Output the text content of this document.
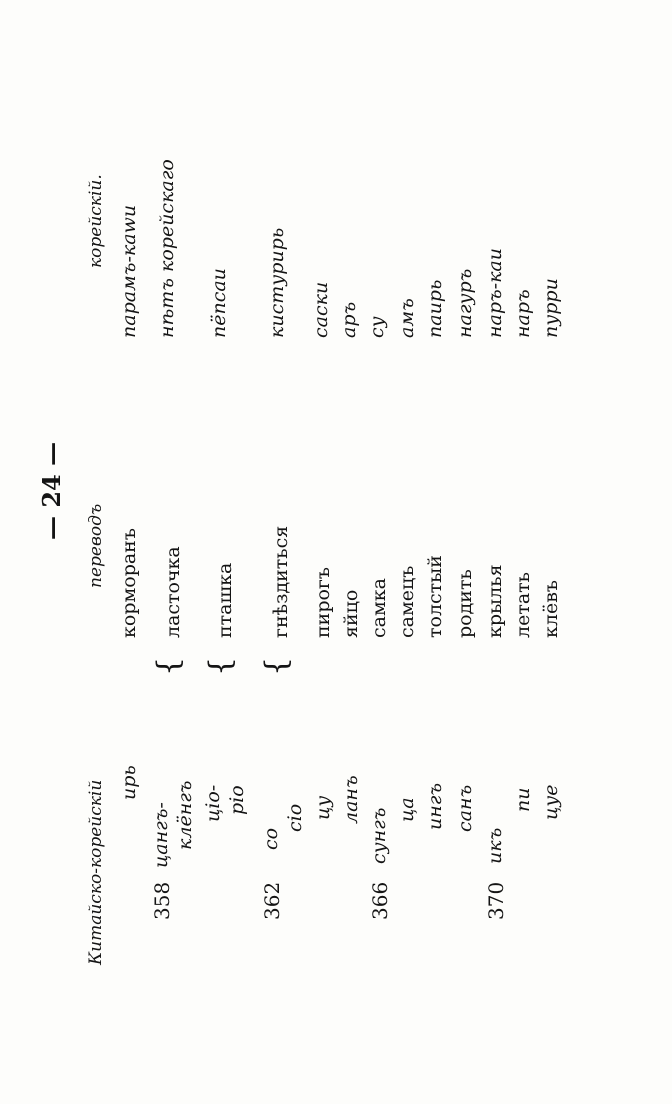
— 24 —
Китайско-корейскій
переводъ
корейскій.
ирь
358
цангъ- клёнгъ цiо- ріо
362
со
сiо цу ланъ
366
сунгъ ца ингъ санъ
370
икъ
пи цуе
{ { {
корморанъ ласточка пташка гнѣздиться пирогъ яйцо самка самецъ толстый родить крылья летать клёвъ
парамъ-каwи нѣтъ корейскаго пёпсаи кистурирь саски аръ су амъ паирь нагуръ наръ-каи наръ пурри
